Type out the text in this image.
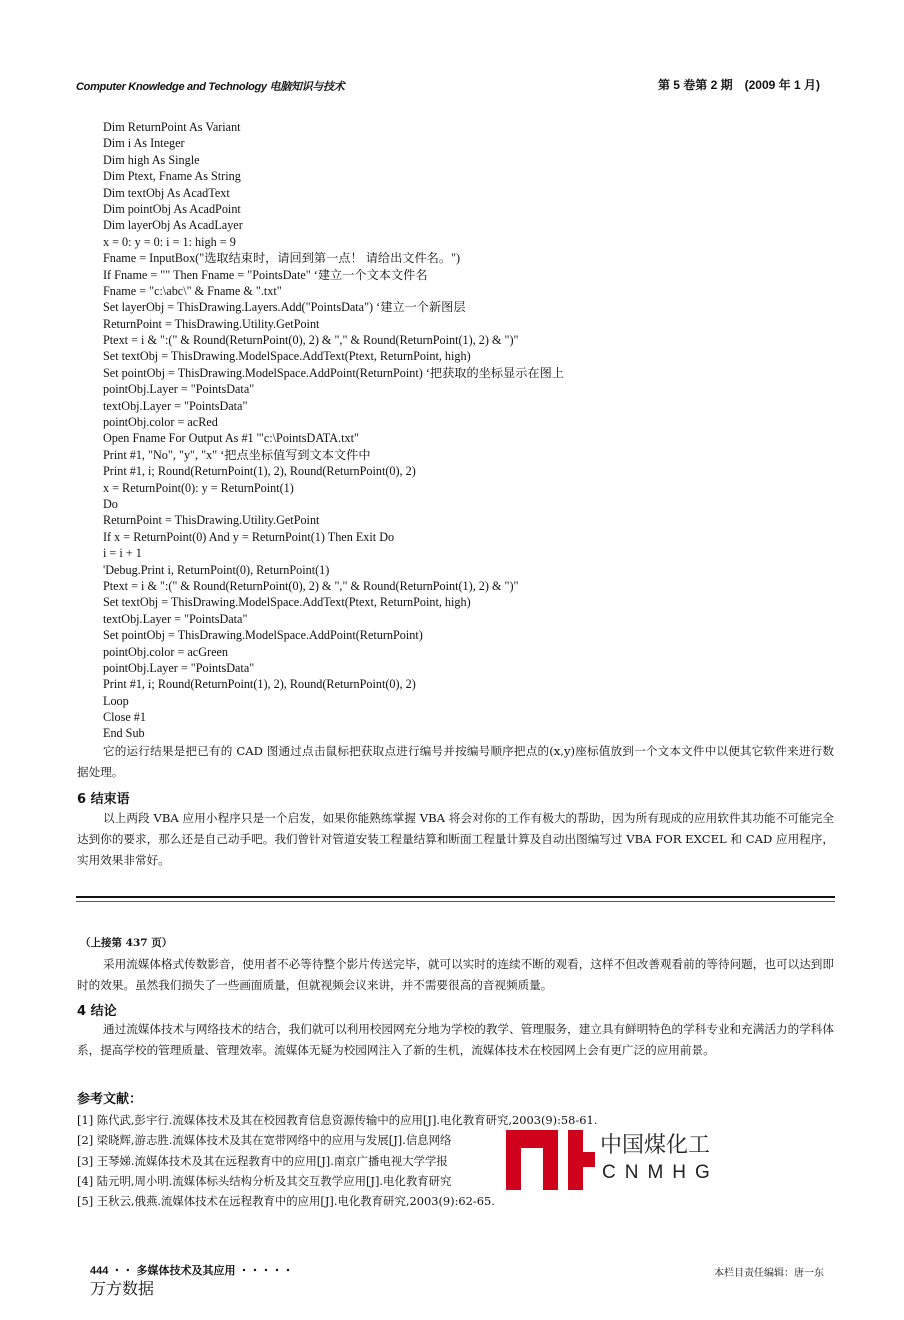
Computer Knowledge and Technology 电脑知识与技术	第 5 卷第 2 期　(2009 年 1 月)
Dim ReturnPoint As Variant
Dim i As Integer
Dim high As Single
Dim Ptext, Fname As String
Dim textObj As AcadText
Dim pointObj As AcadPoint
Dim layerObj As AcadLayer
x = 0: y = 0: i = 1: high = 9
Fname = InputBox("选取结束时，请回到第一点！ 请给出文件名。")
If Fname = "" Then Fname = "PointsDate" ‘建立一个文本文件名
Fname = "c:\abc\" & Fname & ".txt"
Set layerObj = ThisDrawing.Layers.Add("PointsData") ‘建立一个新图层
ReturnPoint = ThisDrawing.Utility.GetPoint
Ptext = i & ":(" & Round(ReturnPoint(0), 2) & "," & Round(ReturnPoint(1), 2) & ")"
Set textObj = ThisDrawing.ModelSpace.AddText(Ptext, ReturnPoint, high)
Set pointObj = ThisDrawing.ModelSpace.AddPoint(ReturnPoint) ‘把获取的坐标显示在图上
pointObj.Layer = "PointsData"
textObj.Layer = "PointsData"
pointObj.color = acRed
Open Fname For Output As #1 '"c:\PointsDATA.txt"
Print #1, "No", "y", "x" ‘把点坐标值写到文本文件中
Print #1, i; Round(ReturnPoint(1), 2), Round(ReturnPoint(0), 2)
x = ReturnPoint(0): y = ReturnPoint(1)
Do
ReturnPoint = ThisDrawing.Utility.GetPoint
If x = ReturnPoint(0) And y = ReturnPoint(1) Then Exit Do
i = i + 1
'Debug.Print i, ReturnPoint(0), ReturnPoint(1)
Ptext = i & ":(" & Round(ReturnPoint(0), 2) & "," & Round(ReturnPoint(1), 2) & ")"
Set textObj = ThisDrawing.ModelSpace.AddText(Ptext, ReturnPoint, high)
textObj.Layer = "PointsData"
Set pointObj = ThisDrawing.ModelSpace.AddPoint(ReturnPoint)
pointObj.color = acGreen
pointObj.Layer = "PointsData"
Print #1, i; Round(ReturnPoint(1), 2), Round(ReturnPoint(0), 2)
Loop
Close #1
End Sub
它的运行结果是把已有的 CAD 图通过点击鼠标把获取点进行编号并按编号顺序把点的(x,y)座标值放到一个文本文件中以便其它软件来进行数据处理。
6 结束语
以上两段 VBA 应用小程序只是一个启发，如果你能熟练掌握 VBA 将会对你的工作有极大的帮助，因为所有现成的应用软件其功能不可能完全达到你的要求，那么还是自己动手吧。我们曾针对管道安装工程量结算和断面工程量计算及自动出图编写过 VBA FOR EXCEL 和 CAD 应用程序，实用效果非常好。
（上接第 437 页）
采用流媒体格式传数影音，使用者不必等待整个影片传送完毕，就可以实时的连续不断的观看，这样不但改善观看前的等待问题，也可以达到即时的效果。虽然我们损失了一些画面质量，但就视频会议来讲，并不需要很高的音视频质量。
4 结论
通过流媒体技术与网络技术的结合，我们就可以利用校园网充分地为学校的教学、管理服务，建立具有鲜明特色的学科专业和充满活力的学科体系，提高学校的管理质量、管理效率。流媒体无疑为校园网注入了新的生机，流媒体技术在校园网上会有更广泛的应用前景。
参考文献：
[1] 陈代武,彭宇行.流媒体技术及其在校园教育信息资源传输中的应用[J].电化教育研究,2003(9):58-61.
[2] 梁晓辉,游志胜.流媒体技术及其在宽带网络中的应用与发展[J].信息网络
[3] 王琴娣.流媒体技术及其在远程教育中的应用[J].南京广播电视大学学报
[4] 陆元明,周小明.流媒体标头结构分析及其交互教学应用[J].电化教育研究
[5] 王秋云,俄燕.流媒体技术在远程教育中的应用[J].电化教育研究,2003(9):62-65.
中国煤化工
CNMHG
444 ・・ 多媒体技术及其应用 ・・・・・	本栏目责任编辑：唐一东
万方数据
